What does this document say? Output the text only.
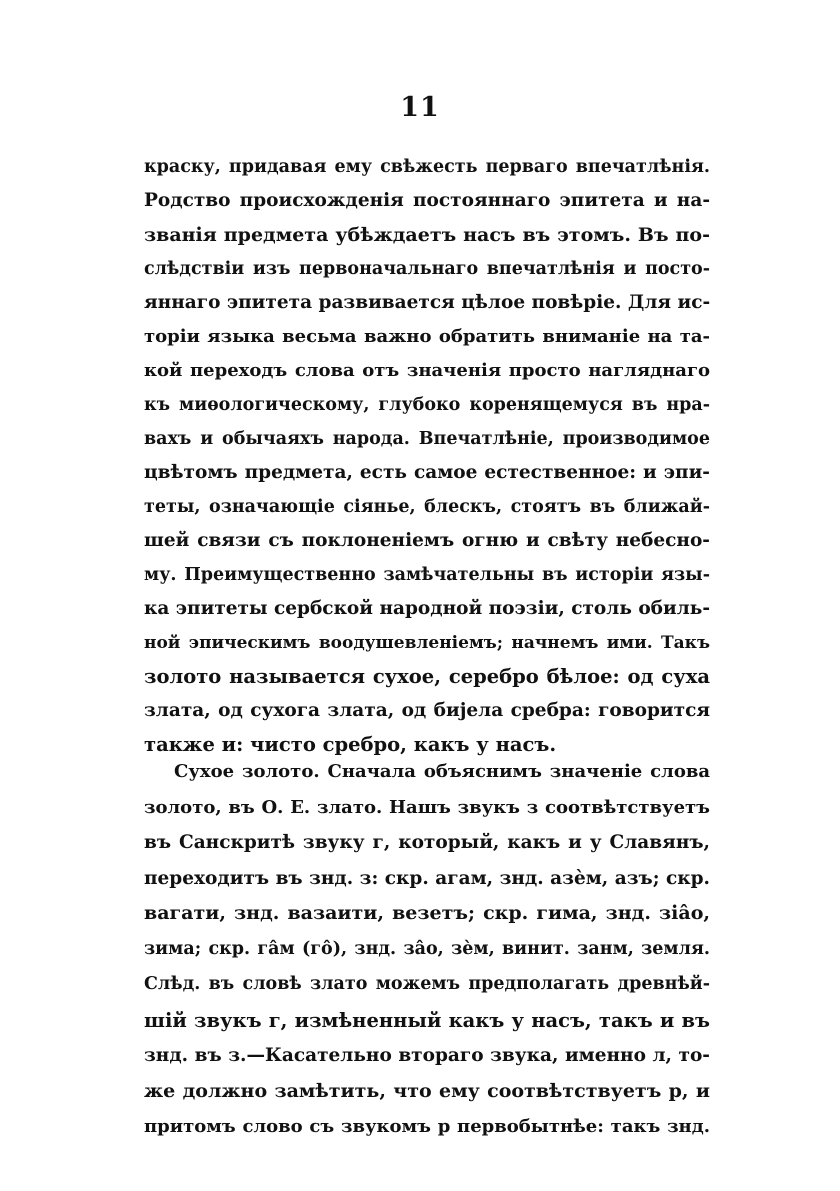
11
краску, придавая ему свѣжесть перваго впечатлѣнія.
Родство происхожденія постояннаго эпитета и на-
званія предмета убѣждаетъ насъ въ этомъ. Въ по-
слѣдствіи изъ первоначальнаго впечатлѣнія и посто-
яннаго эпитета развивается цѣлое повѣріе. Для ис-
торіи языка весьма важно обратить вниманіе на та-
кой переходъ слова отъ значенія просто нагляднаго
къ миѳологическому, глубоко коренящемуся въ нра-
вахъ и обычаяхъ народа. Впечатлѣніе, производимое
цвѣтомъ предмета, есть самое естественное: и эпи-
теты, означающіе сіянье, блескъ, стоятъ въ ближай-
шей связи съ поклоненіемъ огню и свѣту небесно-
му. Преимущественно замѣчательны въ исторіи язы-
ка эпитеты сербской народной поэзіи, столь обиль-
ной эпическимъ воодушевленіемъ; начнемъ ими. Такъ
золото называется сухое, серебро бѣлое: од суха
злата, од сухога злата, од бијела сребра: говорится
также и: чисто сребро, какъ у насъ.
Сухое золото. Сначала объяснимъ значеніе слова
золото, въ О. Е. злато. Нашъ звукъ з соотвѣтствуетъ
въ Санскритѣ звуку г, который, какъ и у Славянъ,
переходитъ въ знд. з: скр. агам, знд. азѐм, азъ; скр.
вагати, знд. вазаити, везетъ; скр. гима, знд. зіâо,
зима; скр. гâм (гô), знд. зâо, зѐм, винит. занм, земля.
Слѣд. въ словѣ злато можемъ предполагать древнѣй-
шій звукъ г, измѣненный какъ у насъ, такъ и въ
знд. въ з.—Касательно втораго звука, именно л, то-
же должно замѣтить, что ему соотвѣтствуетъ р, и
притомъ слово съ звукомъ р первобытнѣе: такъ знд.
